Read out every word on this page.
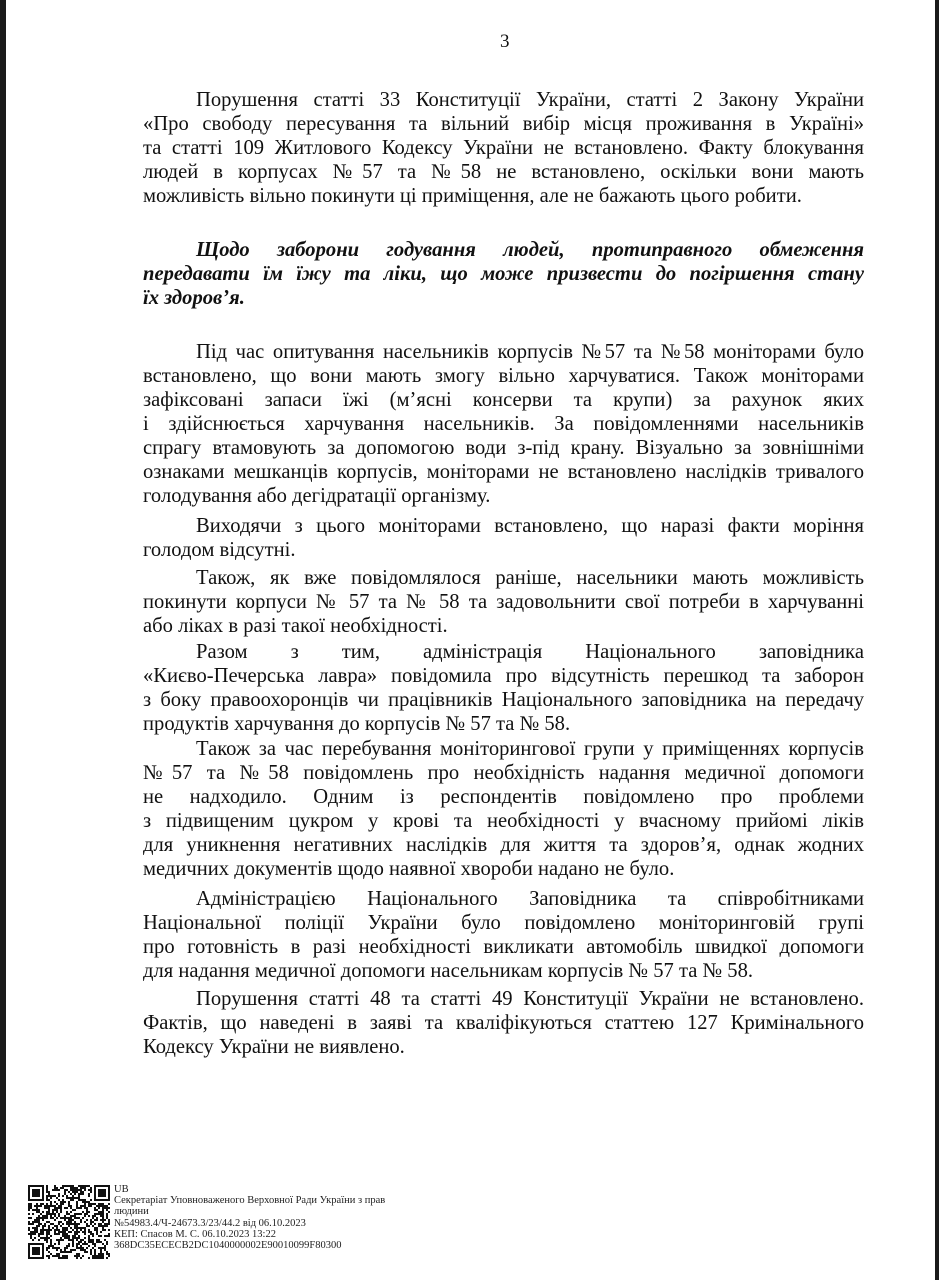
3
Порушення статті 33 Конституції України, статті 2 Закону України
«Про свободу пересування та вільний вибір місця проживання в Україні»
та статті 109 Житлового Кодексу України не встановлено. Факту блокування
людей в корпусах №57 та №58 не встановлено, оскільки вони мають
можливість вільно покинути ці приміщення, але не бажають цього робити.
Щодо заборони годування людей, протиправного обмеження
передавати їм їжу та ліки, що може призвести до погіршення стану
їх здоров’я.
Під час опитування насельників корпусів №57 та №58 моніторами було
встановлено, що вони мають змогу вільно харчуватися. Також моніторами
зафіксовані запаси їжі (м’ясні консерви та крупи) за рахунок яких
і здійснюється харчування насельників. За повідомленнями насельників
спрагу втамовують за допомогою води з-під крану. Візуально за зовнішніми
ознаками мешканців корпусів, моніторами не встановлено наслідків тривалого
голодування або дегідратації організму.
Виходячи з цього моніторами встановлено, що наразі факти моріння
голодом відсутні.
Також, як вже повідомлялося раніше, насельники мають можливість
покинути корпуси № 57 та № 58 та задовольнити свої потреби в харчуванні
або ліках в разі такої необхідності.
Разом з тим, адміністрація Національного заповідника
«Києво-Печерська лавра» повідомила про відсутність перешкод та заборон
з боку правоохоронців чи працівників Національного заповідника на передачу
продуктів харчування до корпусів № 57 та № 58.
Також за час перебування моніторингової групи у приміщеннях корпусів
№57 та №58 повідомлень про необхідність надання медичної допомоги
не надходило. Одним із респондентів повідомлено про проблеми
з підвищеним цукром у крові та необхідності у вчасному прийомі ліків
для уникнення негативних наслідків для життя та здоров’я, однак жодних
медичних документів щодо наявної хвороби надано не було.
Адміністрацією Національного Заповідника та співробітниками
Національної поліції України було повідомлено моніторинговій групі
про готовність в разі необхідності викликати автомобіль швидкої допомоги
для надання медичної допомоги насельникам корпусів № 57 та № 58.
Порушення статті 48 та статті 49 Конституції України не встановлено.
Фактів, що наведені в заяві та кваліфікуються статтею 127 Кримінального
Кодексу України не виявлено.
UB
Секретаріат Уповноваженого Верховної Ради України з прав
людини
№54983.4/Ч-24673.3/23/44.2 від 06.10.2023
КЕП: Спасов М. С. 06.10.2023 13:22
368DC35ECECB2DC1040000002E90010099F80300
